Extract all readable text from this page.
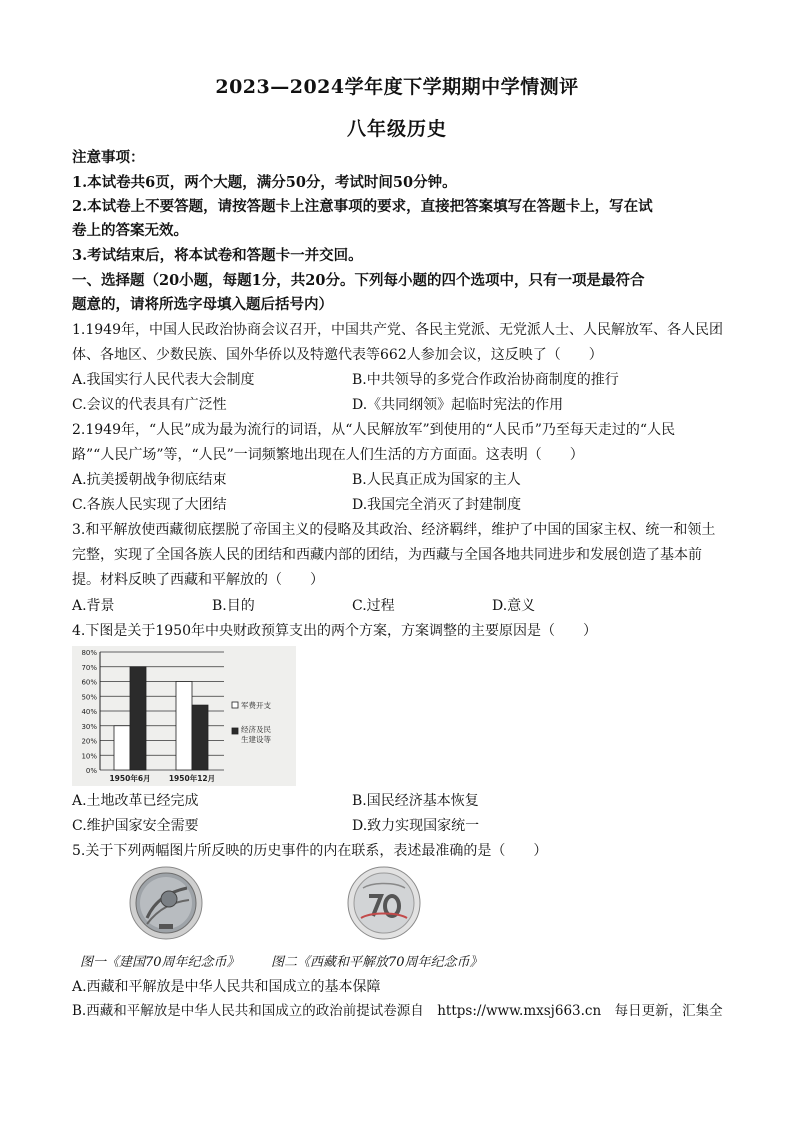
2023—2024学年度下学期期中学情测评
八年级历史
注意事项：
1.本试卷共6页，两个大题，满分50分，考试时间50分钟。
2.本试卷上不要答题，请按答题卡上注意事项的要求，直接把答案填写在答题卡上，写在试
卷上的答案无效。
3.考试结束后，将本试卷和答题卡一并交回。
一、选择题（20小题，每题1分，共20分。下列每小题的四个选项中，只有一项是最符合
题意的，请将所选字母填入题后括号内）
1.1949年，中国人民政治协商会议召开，中国共产党、各民主党派、无党派人士、人民解放军、各人民团
体、各地区、少数民族、国外华侨以及特邀代表等662人参加会议，这反映了（　　）
A.我国实行人民代表大会制度	B.中共领导的多党合作政治协商制度的推行
C.会议的代表具有广泛性	D.《共同纲领》起临时宪法的作用
2.1949年，“人民”成为最为流行的词语，从“人民解放军”到使用的“人民币”乃至每天走过的“人民
路”“人民广场”等，“人民”一词频繁地出现在人们生活的方方面面。这表明（　　）
A.抗美援朝战争彻底结束	B.人民真正成为国家的主人
C.各族人民实现了大团结	D.我国完全消灭了封建制度
3.和平解放使西藏彻底摆脱了帝国主义的侵略及其政治、经济羁绊，维护了中国的国家主权、统一和领土
完整，实现了全国各族人民的团结和西藏内部的团结，为西藏与全国各地共同进步和发展创造了基本前
提。材料反映了西藏和平解放的（　　）
A.背景	B.目的	C.过程	D.意义
4.下图是关于1950年中央财政预算支出的两个方案，方案调整的主要原因是（　　）
0%
10%
20%
30%
40%
50%
60%
70%
80%
1950年6月 1950年12月
军费开支
经济及民
生建设等
A.土地改革已经完成	B.国民经济基本恢复
C.维护国家安全需要	D.致力实现国家统一
5.关于下列两幅图片所反映的历史事件的内在联系，表述最准确的是（　　）
图一《建国70周年纪念币》 图二《西藏和平解放70周年纪念币》
A.西藏和平解放是中华人民共和国成立的基本保障
B.西藏和平解放是中华人民共和国成立的政治前提试卷源自　https://www.mxsj663.cn　每日更新，汇集全
